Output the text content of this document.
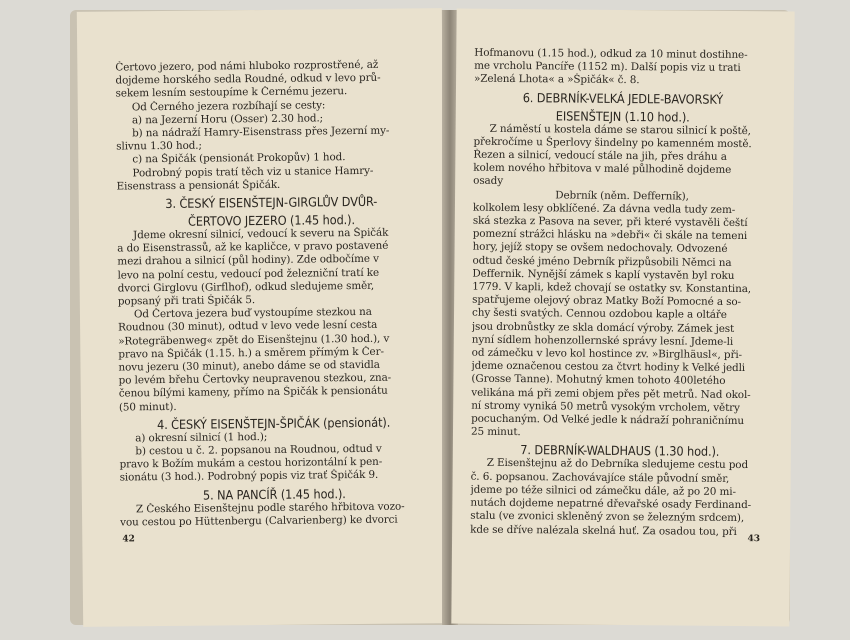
Čertovo jezero, pod námi hluboko rozprostřené, až
dojdeme horského sedla Roudné, odkud v levo prů-
sekem lesním sestoupíme k Černému jezeru.
Od Černého jezera rozbíhají se cesty:
a) na Jezerní Horu (Osser) 2.30 hod.;
b) na nádraží Hamry-Eisenstrass přes Jezerní my-
slivnu 1.30 hod.;
c) na Špičák (pensionát Prokopův) 1 hod.
Podrobný popis tratí těch viz u stanice Hamry-
Eisenstrass a pensionát Špičák.
3. ČESKÝ EISENŠTEJN-GIRGLŮV DVŮR-
ČERTOVO JEZERO (1.45 hod.).
Jdeme okresní silnicí, vedoucí k severu na Špičák
a do Eisenstrassů, až ke kapličce, v pravo postavené
mezi drahou a silnicí (půl hodiny). Zde odbočíme v
levo na polní cestu, vedoucí pod železniční tratí ke
dvorci Girglovu (Girflhof), odkud sledujeme směr,
popsaný při trati Špičák 5.
Od Čertova jezera buď vystoupíme stezkou na
Roudnou (30 minut), odtud v levo vede lesní cesta
»Rotegräbenweg« zpět do Eisenštejnu (1.30 hod.), v
pravo na Špičák (1.15. h.) a směrem přímým k Čer-
novu jezeru (30 minut), anebo dáme se od stavidla
po levém břehu Čertovky neupravenou stezkou, zna-
čenou bílými kameny, přímo na Špičák k pensionátu
(50 minut).
4. ČESKÝ EISENŠTEJN-ŠPIČÁK (pensionát).
a) okresní silnicí (1 hod.);
b) cestou u č. 2. popsanou na Roudnou, odtud v
pravo k Božím mukám a cestou horizontální k pen-
sionátu (3 hod.). Podrobný popis viz trať Špičák 9.
5. NA PANCÍŘ (1.45 hod.).
Z Českého Eisenštejnu podle starého hřbitova vozo-
vou cestou po Hüttenbergu (Calvarienberg) ke dvorci
42
Hofmanovu (1.15 hod.), odkud za 10 minut dostihne-
me vrcholu Pancíře (1152 m). Další popis viz u trati
»Zelená Lhota« a »Špičák« č. 8.
6. DEBRNÍK-VELKÁ JEDLE-BAVORSKÝ
EISENŠTEJN (1.10 hod.).
Z náměstí u kostela dáme se starou silnicí k poště,
překročíme u Šperlovy šindelny po kamenném mostě.
Řezen a silnicí, vedoucí stále na jih, přes dráhu a
kolem nového hřbitova v malé půlhodině dojdeme
osady
Debrník (něm. Defferník),
kolkolem lesy obklíčené. Za dávna vedla tudy zem-
ská stezka z Pasova na sever, při které vystavěli čeští
pomezní strážci hlásku na »debři« či skále na temeni
hory, jejíž stopy se ovšem nedochovaly. Odvozené
odtud české jméno Debrník přizpůsobili Němci na
Deffernik. Nynější zámek s kaplí vystavěn byl roku
1779. V kapli, kdež chovají se ostatky sv. Konstantina,
spatřujeme olejový obraz Matky Boží Pomocné a so-
chy šesti svatých. Cennou ozdobou kaple a oltáře
jsou drobnůstky ze skla domácí výroby. Zámek jest
nyní sídlem hohenzollernské správy lesní. Jdeme-li
od zámečku v levo kol hostince zv. »Birglhäusl«, při-
jdeme označenou cestou za čtvrt hodiny k Velké jedli
(Grosse Tanne). Mohutný kmen tohoto 400letého
velikána má při zemi objem přes pět metrů. Nad okol-
ní stromy vyniká 50 metrů vysokým vrcholem, větry
pocuchaným. Od Velké jedle k nádraží pohraničnímu
25 minut.
7. DEBRNÍK-WALDHAUS (1.30 hod.).
Z Eisenštejnu až do Debrníka sledujeme cestu pod
č. 6. popsanou. Zachovávajíce stále původní směr,
jdeme po téže silnici od zámečku dále, až po 20 mi-
nutách dojdeme nepatrné dřevařské osady Ferdinand-
stalu (ve zvonici skleněný zvon se železným srdcem),
kde se dříve nalézala skelná huť. Za osadou tou, při
43
